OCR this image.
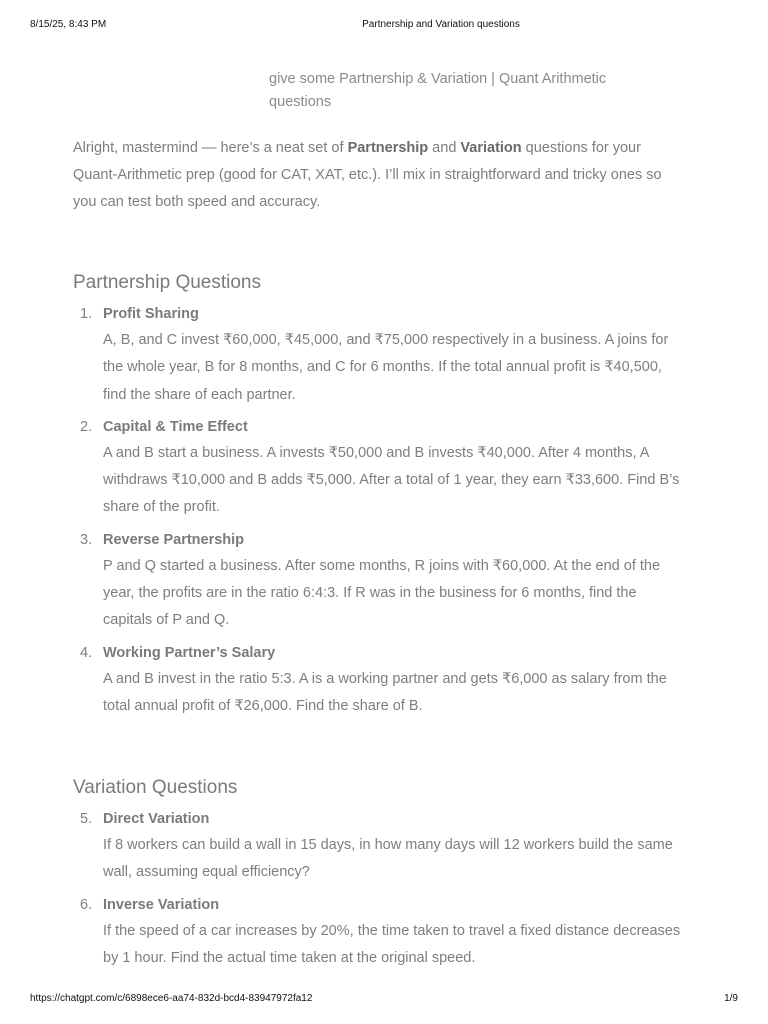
8/15/25, 8:43 PM	Partnership and Variation questions
give some Partnership & Variation | Quant Arithmetic questions
Alright, mastermind — here’s a neat set of Partnership and Variation questions for your Quant-Arithmetic prep (good for CAT, XAT, etc.). I’ll mix in straightforward and tricky ones so you can test both speed and accuracy.
Partnership Questions
1. Profit Sharing
A, B, and C invest ₹60,000, ₹45,000, and ₹75,000 respectively in a business. A joins for the whole year, B for 8 months, and C for 6 months. If the total annual profit is ₹40,500, find the share of each partner.
2. Capital & Time Effect
A and B start a business. A invests ₹50,000 and B invests ₹40,000. After 4 months, A withdraws ₹10,000 and B adds ₹5,000. After a total of 1 year, they earn ₹33,600. Find B’s share of the profit.
3. Reverse Partnership
P and Q started a business. After some months, R joins with ₹60,000. At the end of the year, the profits are in the ratio 6:4:3. If R was in the business for 6 months, find the capitals of P and Q.
4. Working Partner’s Salary
A and B invest in the ratio 5:3. A is a working partner and gets ₹6,000 as salary from the total annual profit of ₹26,000. Find the share of B.
Variation Questions
5. Direct Variation
If 8 workers can build a wall in 15 days, in how many days will 12 workers build the same wall, assuming equal efficiency?
6. Inverse Variation
If the speed of a car increases by 20%, the time taken to travel a fixed distance decreases by 1 hour. Find the actual time taken at the original speed.
https://chatgpt.com/c/6898ece6-aa74-832d-bcd4-83947972fa12	1/9
